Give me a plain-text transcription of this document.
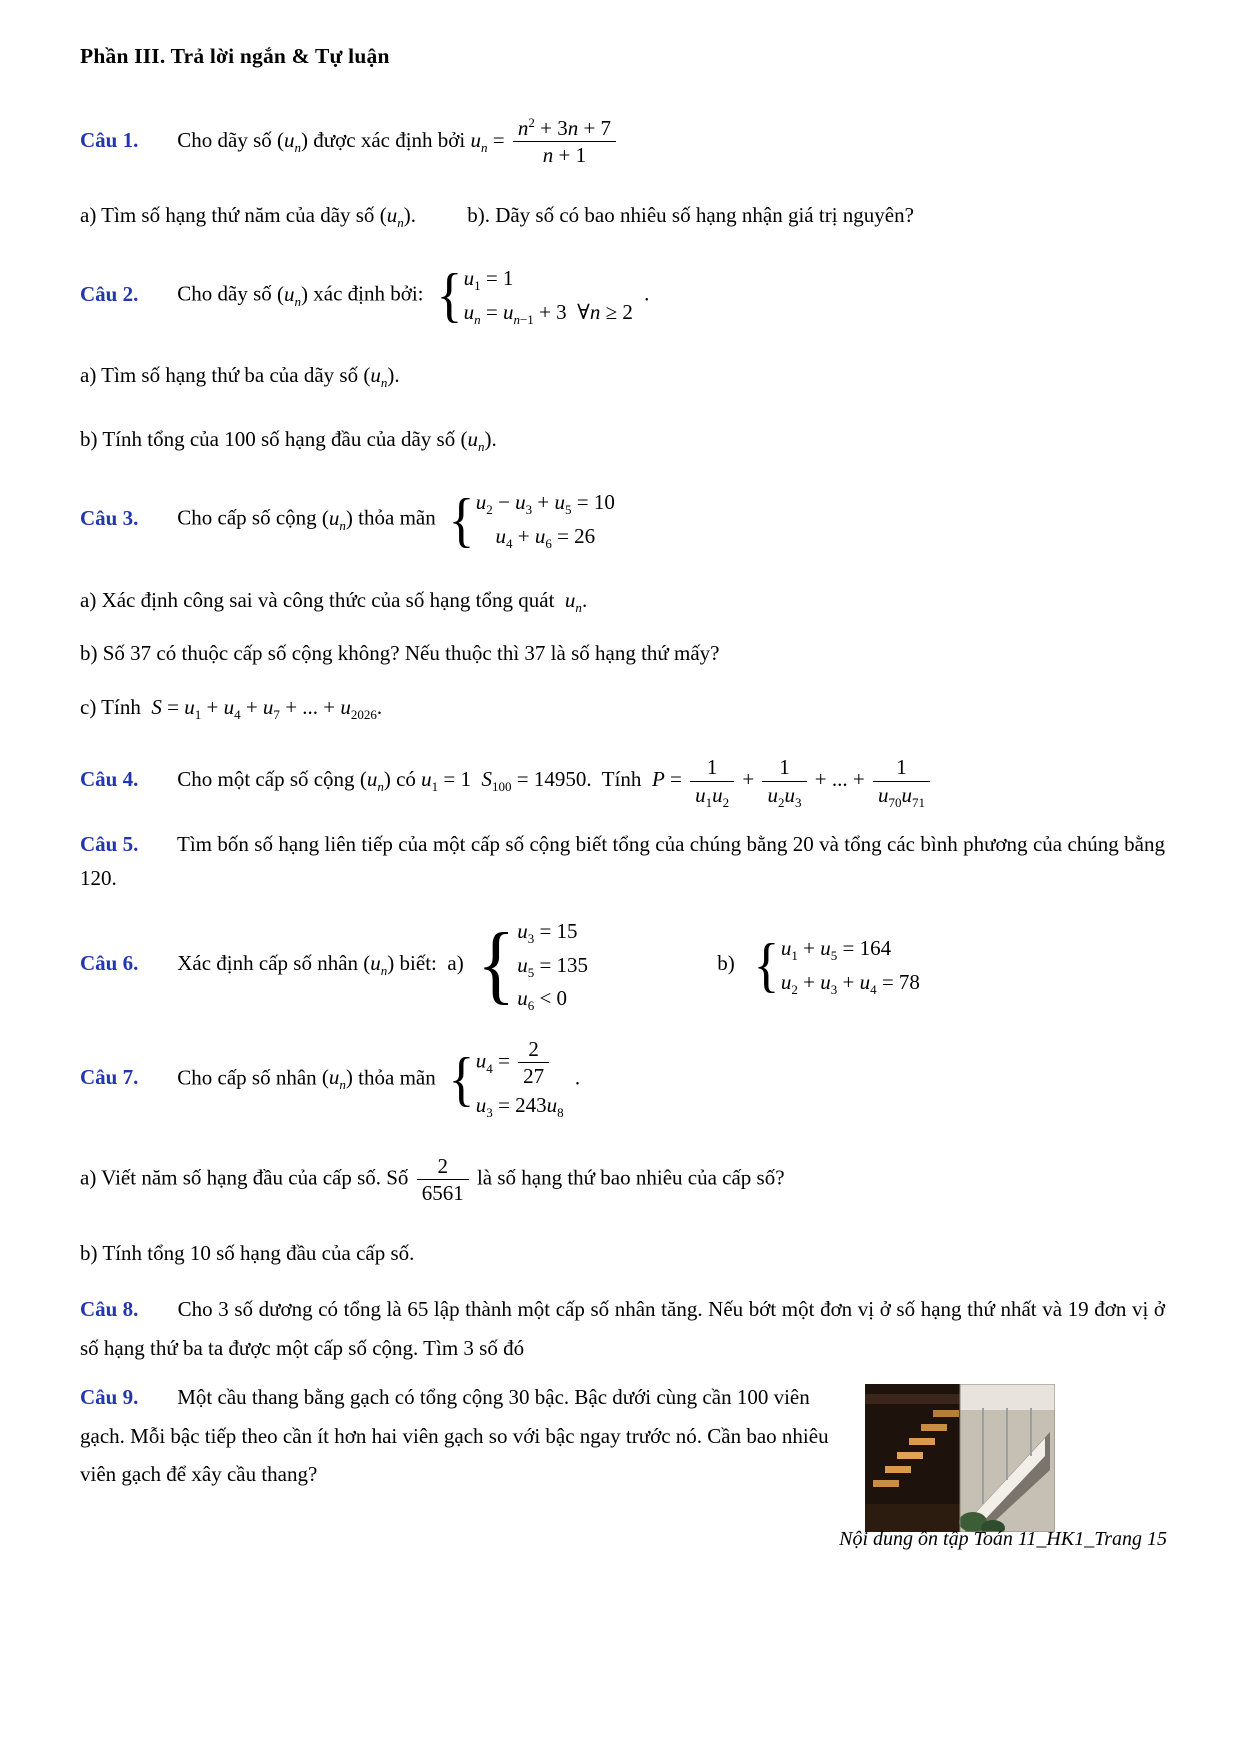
Phần III. Trả lời ngắn & Tự luận

Câu 1. Cho dãy số $(u_n)$ được xác định bởi $u_n = \frac{n^2 + 3n + 7}{n + 1}$

a) Tìm số hạng thứ năm của dãy số $(u_n)$. b). Dãy số có bao nhiêu số hạng nhận giá trị nguyên?

Câu 2. Cho dãy số $(u_n)$ xác định bởi: { $u_1 = 1$
$u_n = u_{n-1} + 3$  ∀n ≥ 2
.

a) Tìm số hạng thứ ba của dãy số $(u_n)$.

b) Tính tổng của 100 số hạng đầu của dãy số $(u_n)$.

Câu 3. Cho cấp số cộng $(u_n)$ thỏa mãn { $u_2 - u_3 + u_5 = 10$
$u_4 + u_6 = 26$

a) Xác định công sai và công thức của số hạng tổng quát  $u_n$.

b) Số 37 có thuộc cấp số cộng không? Nếu thuộc thì 37 là số hạng thứ mấy?

c) Tính  $S = u_1 + u_4 + u_7$ + ... + $u_{2026}$.

Câu 4. Cho một cấp số cộng $(u_n)$ có $u_1 = 1$ $S_{100} = 14950$.  Tính  $P = \frac{1}{u_1u_2} + \frac{1}{u_2u_3}$ + ... + $\frac{1}{u_{70}u_{71}}$

Câu 5. Tìm bốn số hạng liên tiếp của một cấp số cộng biết tổng của chúng bằng 20 và tổng các bình phương của chúng bằng 120.

Câu 6. Xác định cấp số nhân $(u_n)$ biết:  a) { $u_3 = 15$
$u_5 = 135$
$u_6 < 0$
b) { $u_1 + u_5 = 164$
$u_2 + u_3 + u_4 = 78$

Câu 7. Cho cấp số nhân $(u_n)$ thỏa mãn { $u_4 = \frac{2}{27}$
$u_3 = 243u_8$
.

a) Viết năm số hạng đầu của cấp số. Số $\frac{2}{6561}$ là số hạng thứ bao nhiêu của cấp số?

b) Tính tổng 10 số hạng đầu của cấp số.

Câu 8. Cho 3 số dương có tổng là 65 lập thành một cấp số nhân tăng. Nếu bớt một đơn vị ở số hạng thứ nhất và 19 đơn vị ở số hạng thứ ba ta được một cấp số cộng. Tìm 3 số đó

Câu 9. Một cầu thang bằng gạch có tổng cộng 30 bậc. Bậc dưới cùng cần 100 viên gạch. Mỗi bậc tiếp theo cần ít hơn hai viên gạch so với bậc ngay trước nó. Cần bao nhiêu viên gạch để xây cầu thang?

Nội dung ôn tập Toán 11_HK1_Trang 15
